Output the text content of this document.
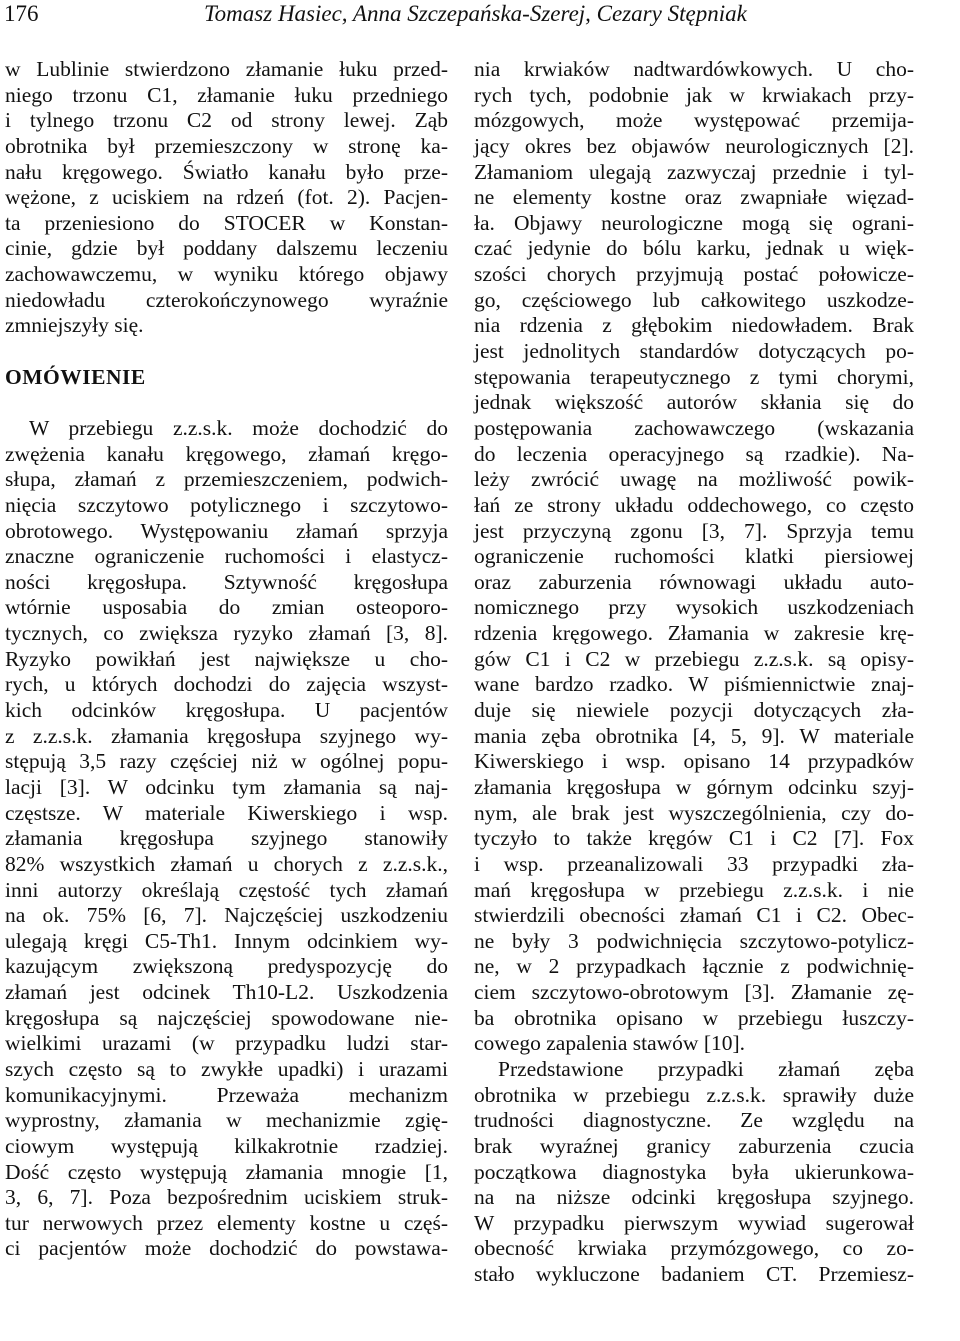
176	Tomasz Hasiec, Anna Szczepańska-Szerej, Cezary Stępniak
w Lublinie stwierdzono złamanie łuku przed-
niego trzonu C1, złamanie łuku przedniego
i tylnego trzonu C2 od strony lewej. Ząb
obrotnika był przemieszczony w stronę ka-
nału kręgowego. Światło kanału było prze-
wężone, z uciskiem na rdzeń (fot. 2). Pacjen-
ta przeniesiono do STOCER w Konstan-
cinie, gdzie był poddany dalszemu leczeniu
zachowawczemu, w wyniku którego objawy
niedowładu czterokończynowego wyraźnie
zmniejszyły się.
OMÓWIENIE
W przebiegu z.z.s.k. może dochodzić do
zwężenia kanału kręgowego, złamań kręgo-
słupa, złamań z przemieszczeniem, podwich-
nięcia szczytowo potylicznego i szczytowo-
obrotowego. Występowaniu złamań sprzyja
znaczne ograniczenie ruchomości i elastycz-
ności kręgosłupa. Sztywność kręgosłupa
wtórnie usposabia do zmian osteoporo-
tycznych, co zwiększa ryzyko złamań [3, 8].
Ryzyko powikłań jest największe u cho-
rych, u których dochodzi do zajęcia wszyst-
kich odcinków kręgosłupa. U pacjentów
z z.z.s.k. złamania kręgosłupa szyjnego wy-
stępują 3,5 razy częściej niż w ogólnej popu-
lacji [3]. W odcinku tym złamania są naj-
częstsze. W materiale Kiwerskiego i wsp.
złamania kręgosłupa szyjnego stanowiły
82% wszystkich złamań u chorych z z.z.s.k.,
inni autorzy określają częstość tych złamań
na ok. 75% [6, 7]. Najczęściej uszkodzeniu
ulegają kręgi C5-Th1. Innym odcinkiem wy-
kazującym zwiększoną predyspozycję do
złamań jest odcinek Th10-L2. Uszkodzenia
kręgosłupa są najczęściej spowodowane nie-
wielkimi urazami (w przypadku ludzi star-
szych często są to zwykłe upadki) i urazami
komunikacyjnymi. Przeważa mechanizm
wyprostny, złamania w mechanizmie zgię-
ciowym występują kilkakrotnie rzadziej.
Dość często występują złamania mnogie [1,
3, 6, 7]. Poza bezpośrednim uciskiem struk-
tur nerwowych przez elementy kostne u częś-
ci pacjentów może dochodzić do powstawa-
nia krwiaków nadtwardówkowych. U cho-
rych tych, podobnie jak w krwiakach przy-
mózgowych, może występować przemija-
jący okres bez objawów neurologicznych [2].
Złamaniom ulegają zazwyczaj przednie i tyl-
ne elementy kostne oraz zwapniałe więzad-
ła. Objawy neurologiczne mogą się ograni-
czać jedynie do bólu karku, jednak u więk-
szości chorych przyjmują postać połowicze-
go, częściowego lub całkowitego uszkodze-
nia rdzenia z głębokim niedowładem. Brak
jest jednolitych standardów dotyczących po-
stępowania terapeutycznego z tymi chorymi,
jednak większość autorów skłania się do
postępowania zachowawczego (wskazania
do leczenia operacyjnego są rzadkie). Na-
leży zwrócić uwagę na możliwość powik-
łań ze strony układu oddechowego, co często
jest przyczyną zgonu [3, 7]. Sprzyja temu
ograniczenie ruchomości klatki piersiowej
oraz zaburzenia równowagi układu auto-
nomicznego przy wysokich uszkodzeniach
rdzenia kręgowego. Złamania w zakresie krę-
gów C1 i C2 w przebiegu z.z.s.k. są opisy-
wane bardzo rzadko. W piśmiennictwie znaj-
duje się niewiele pozycji dotyczących zła-
mania zęba obrotnika [4, 5, 9]. W materiale
Kiwerskiego i wsp. opisano 14 przypadków
złamania kręgosłupa w górnym odcinku szyj-
nym, ale brak jest wyszczególnienia, czy do-
tyczyło to także kręgów C1 i C2 [7]. Fox
i wsp. przeanalizowali 33 przypadki zła-
mań kręgosłupa w przebiegu z.z.s.k. i nie
stwierdzili obecności złamań C1 i C2. Obec-
ne były 3 podwichnięcia szczytowo-potylicz-
ne, w 2 przypadkach łącznie z podwichnię-
ciem szczytowo-obrotowym [3]. Złamanie zę-
ba obrotnika opisano w przebiegu łuszczy-
cowego zapalenia stawów [10].
Przedstawione przypadki złamań zęba
obrotnika w przebiegu z.z.s.k. sprawiły duże
trudności diagnostyczne. Ze względu na
brak wyraźnej granicy zaburzenia czucia
początkowa diagnostyka była ukierunkowa-
na na niższe odcinki kręgosłupa szyjnego.
W przypadku pierwszym wywiad sugerował
obecność krwiaka przymózgowego, co zo-
stało wykluczone badaniem CT. Przemiesz-
